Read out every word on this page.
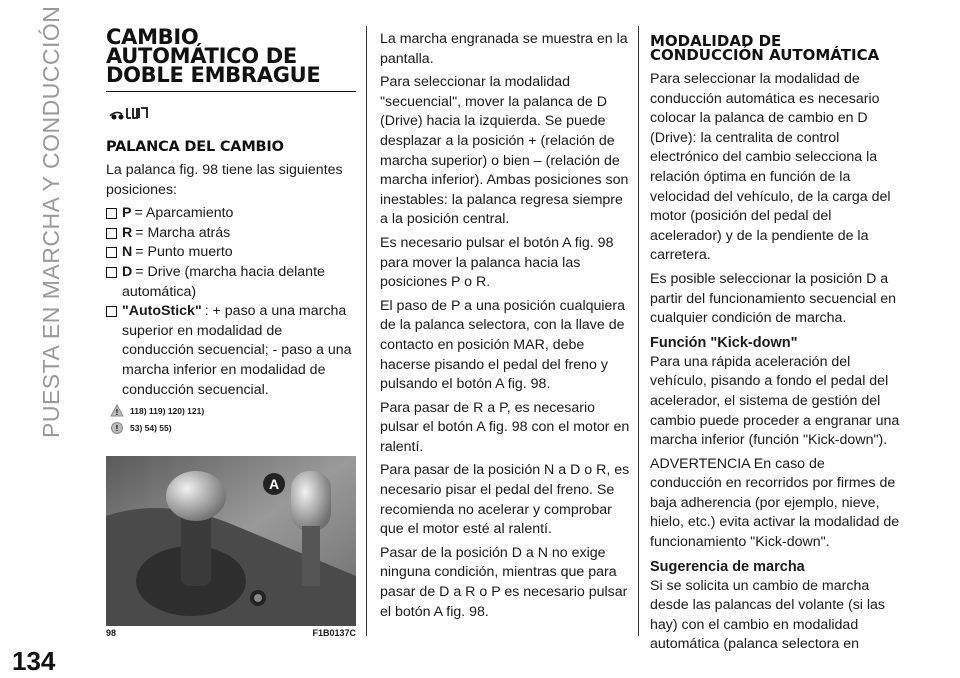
PUESTA EN MARCHA Y CONDUCCIÓN
134
CAMBIO AUTOMÁTICO DE DOBLE EMBRAGUE
PALANCA DEL CAMBIO

La palanca fig. 98 tiene las siguientes posiciones:

P = Aparcamiento
R = Marcha atrás
N = Punto muerto
D = Drive (marcha hacia delante automática)
"AutoStick" : + paso a una marcha superior en modalidad de conducción secuencial; - paso a una marcha inferior en modalidad de conducción secuencial.
! 118) 119) 120) 121)
! 53) 54) 55)
A
98	F1B0137C

La marcha engranada se muestra en la pantalla.

Para seleccionar la modalidad "secuencial", mover la palanca de D (Drive) hacia la izquierda. Se puede desplazar a la posición + (relación de marcha superior) o bien – (relación de marcha inferior). Ambas posiciones son inestables: la palanca regresa siempre a la posición central.

Es necesario pulsar el botón A fig. 98 para mover la palanca hacia las posiciones P o R.

El paso de P a una posición cualquiera de la palanca selectora, con la llave de contacto en posición MAR, debe hacerse pisando el pedal del freno y pulsando el botón A fig. 98.

Para pasar de R a P, es necesario pulsar el botón A fig. 98 con el motor en ralentí.

Para pasar de la posición N a D o R, es necesario pisar el pedal del freno. Se recomienda no acelerar y comprobar que el motor esté al ralentí.

Pasar de la posición D a N no exige ninguna condición, mientras que para pasar de D a R o P es necesario pulsar el botón A fig. 98.

MODALIDAD DE CONDUCCIÓN AUTOMÁTICA

Para seleccionar la modalidad de conducción automática es necesario colocar la palanca de cambio en D (Drive): la centralita de control electrónico del cambio selecciona la relación óptima en función de la velocidad del vehículo, de la carga del motor (posición del pedal del acelerador) y de la pendiente de la carretera.

Es posible seleccionar la posición D a partir del funcionamiento secuencial en cualquier condición de marcha.

Función "Kick-down"

Para una rápida aceleración del vehículo, pisando a fondo el pedal del acelerador, el sistema de gestión del cambio puede proceder a engranar una marcha inferior (función "Kick-down").

ADVERTENCIA En caso de conducción en recorridos por firmes de baja adherencia (por ejemplo, nieve, hielo, etc.) evita activar la modalidad de funcionamiento "Kick-down".

Sugerencia de marcha

Si se solicita un cambio de marcha desde las palancas del volante (si las hay) con el cambio en modalidad automática (palanca selectora en
